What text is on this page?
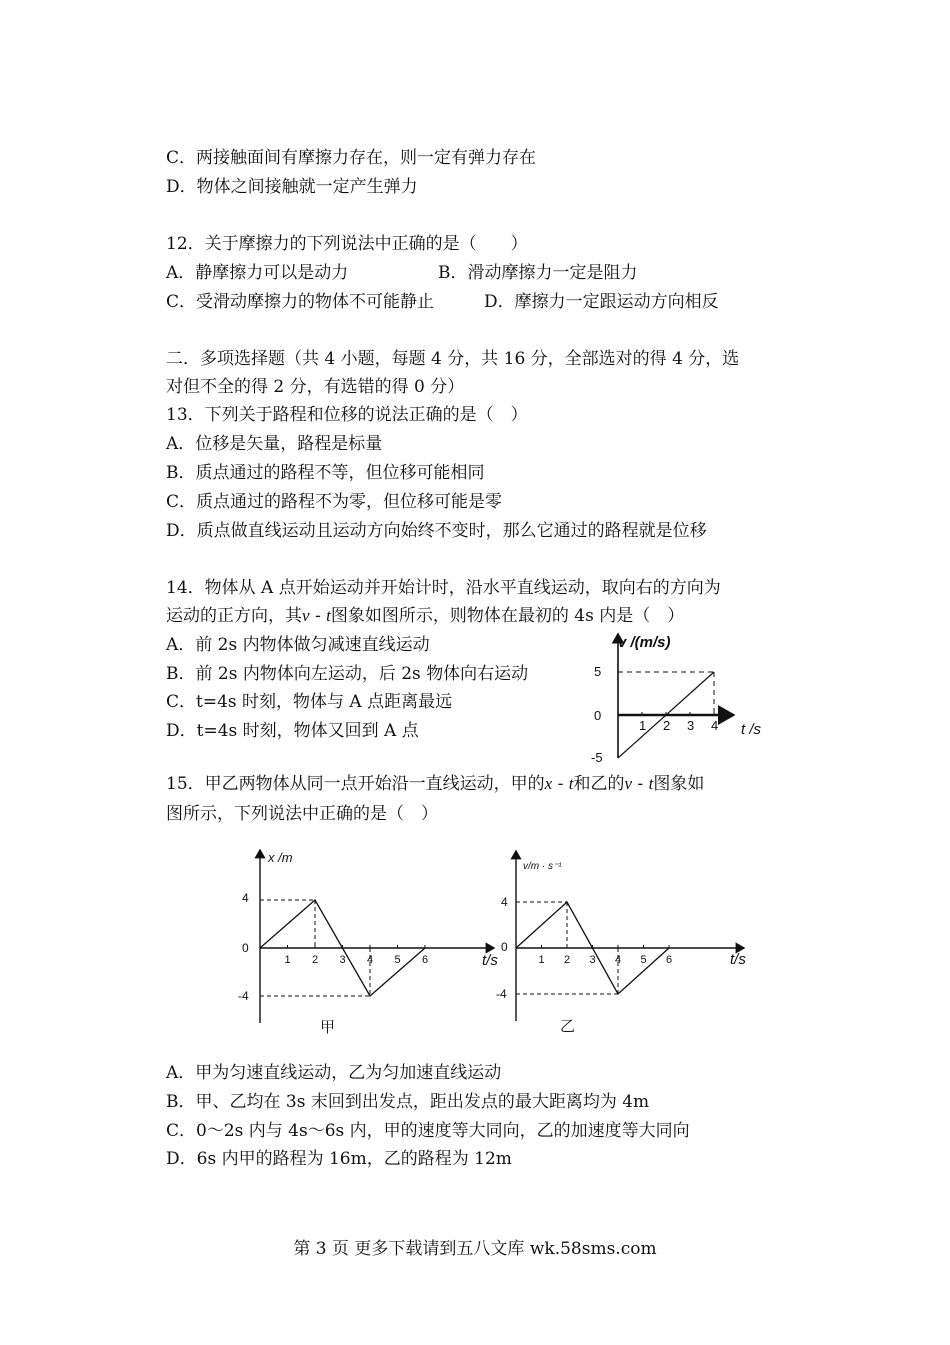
C．两接触面间有摩擦力存在，则一定有弹力存在
D．物体之间接触就一定产生弹力
12．关于摩擦力的下列说法中正确的是（　　）
A．静摩擦力可以是动力	B．滑动摩擦力一定是阻力
C．受滑动摩擦力的物体不可能静止	D．摩擦力一定跟运动方向相反
二．多项选择题（共 4 小题，每题 4 分，共 16 分，全部选对的得 4 分，选
对但不全的得 2 分，有选错的得 0 分）
13．下列关于路程和位移的说法正确的是（　）
A．位移是矢量，路程是标量
B．质点通过的路程不等，但位移可能相同
C．质点通过的路程不为零，但位移可能是零
D．质点做直线运动且运动方向始终不变时，那么它通过的路程就是位移
14．物体从 A 点开始运动并开始计时，沿水平直线运动，取向右的方向为
运动的正方向，其v - t图象如图所示，则物体在最初的 4s 内是（　）
A．前 2s 内物体做匀减速直线运动
B．前 2s 内物体向左运动，后 2s 物体向右运动
C．t=4s 时刻，物体与 A 点距离最远
D．t=4s 时刻，物体又回到 A 点
15．甲乙两物体从同一点开始沿一直线运动，甲的x - t和乙的v - t图象如
图所示，下列说法中正确的是（　）
A．甲为匀速直线运动，乙为匀加速直线运动
B．甲、乙均在 3s 末回到出发点，距出发点的最大距离均为 4m
C．0～2s 内与 4s～6s 内，甲的速度等大同向，乙的加速度等大同向
D．6s 内甲的路程为 16m，乙的路程为 12m
v /(m/s)
t /s
1 2 3 4
5
0
-5
x /m
t/s
4
0
-4
1 2 3 4 5 6
甲
v/m · s⁻¹
t/s
4
0
-4
1 2 3 4 5 6
乙
第 3 页 更多下载请到五八文库 wk.58sms.com
